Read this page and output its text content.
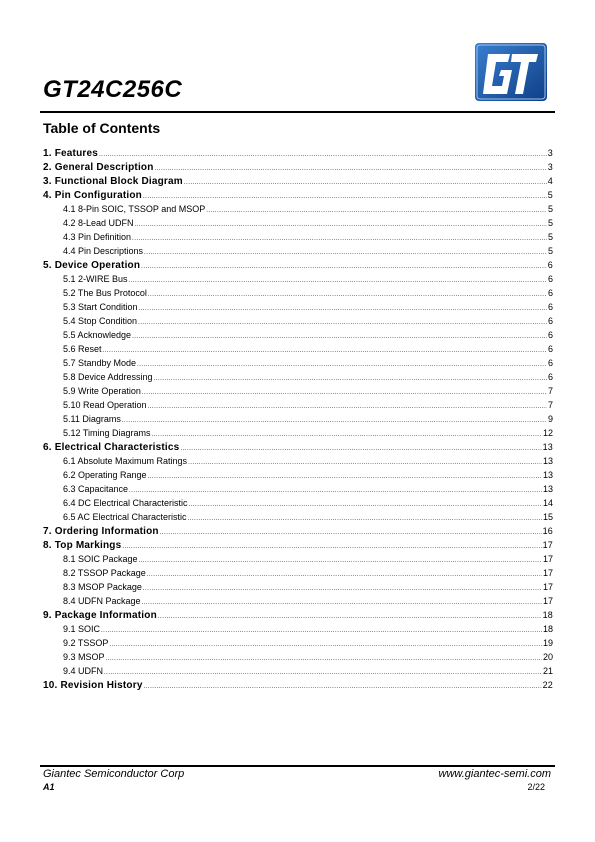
GT24C256C
Table of Contents
1. Features .....	3
2. General Description .....	3
3. Functional Block Diagram .....	4
4. Pin Configuration .....	5
4.1 8-Pin SOIC, TSSOP and MSOP .....	5
4.2 8-Lead UDFN .....	5
4.3 Pin Definition .....	5
4.4 Pin Descriptions .....	5
5. Device Operation .....	6
5.1 2-WIRE Bus .....	6
5.2 The Bus Protocol .....	6
5.3 Start Condition .....	6
5.4 Stop Condition .....	6
5.5 Acknowledge .....	6
5.6 Reset .....	6
5.7 Standby Mode .....	6
5.8 Device Addressing .....	6
5.9 Write Operation .....	7
5.10 Read Operation .....	7
5.11 Diagrams .....	9
5.12 Timing Diagrams .....	12
6. Electrical Characteristics .....	13
6.1 Absolute Maximum Ratings .....	13
6.2 Operating Range .....	13
6.3 Capacitance .....	13
6.4 DC Electrical Characteristic .....	14
6.5 AC Electrical Characteristic .....	15
7. Ordering Information .....	16
8. Top Markings .....	17
8.1 SOIC Package .....	17
8.2 TSSOP Package .....	17
8.3 MSOP Package .....	17
8.4 UDFN Package .....	17
9. Package Information .....	18
9.1 SOIC .....	18
9.2 TSSOP .....	19
9.3 MSOP .....	20
9.4 UDFN .....	21
10. Revision History .....	22
Giantec Semiconductor Corp	www.giantec-semi.com
A1	2/22
